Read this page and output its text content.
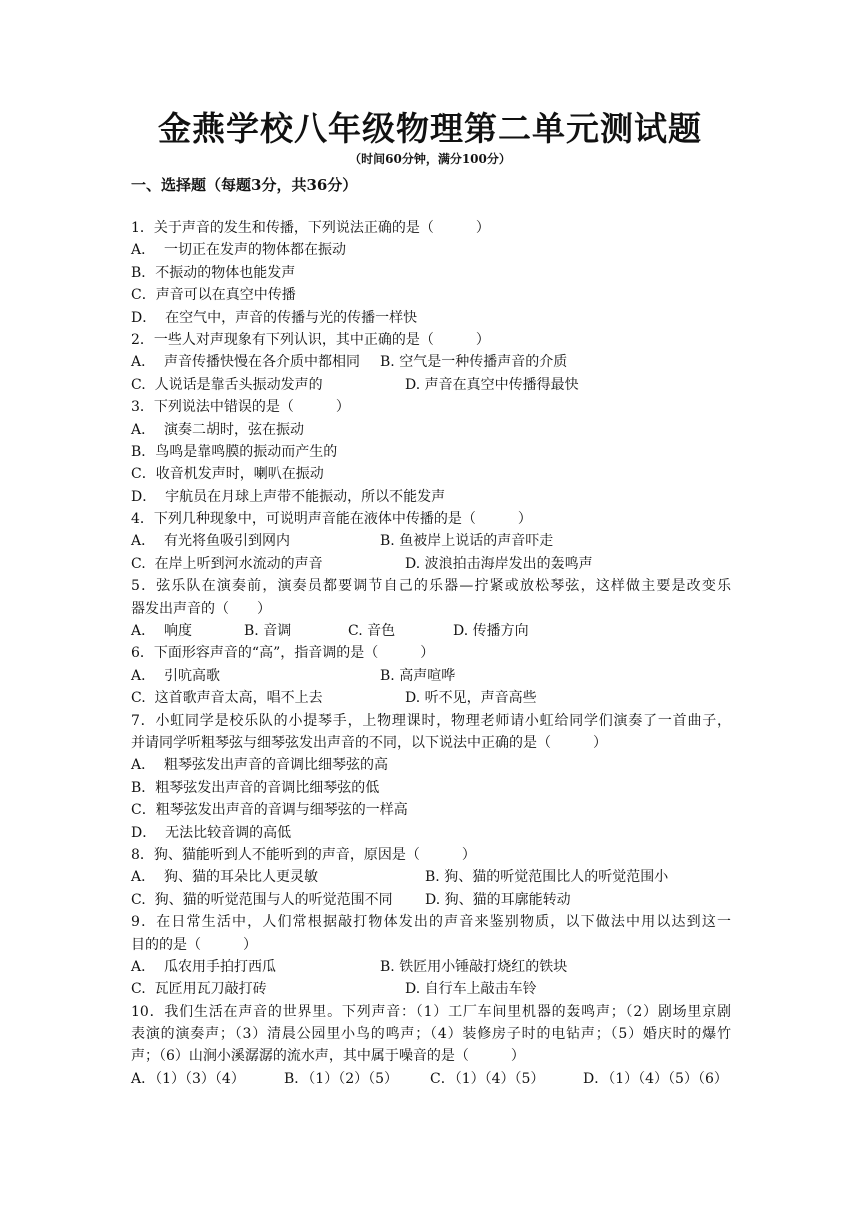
金燕学校八年级物理第二单元测试题
（时间60分钟，满分100分）
一、选择题（每题3分，共36分）
1．关于声音的发生和传播，下列说法正确的是（　　　）
A．  一切正在发声的物体都在振动
B．不振动的物体也能发声
C．声音可以在真空中传播
D．  在空气中，声音的传播与光的传播一样快
2．一些人对声现象有下列认识，其中正确的是（　　　）
A．  声音传播快慢在各介质中都相同 B. 空气是一种传播声音的介质
C.  人说话是靠舌头振动发声的	D. 声音在真空中传播得最快
3．下列说法中错误的是（　　　）
A．  演奏二胡时，弦在振动
B．鸟鸣是靠鸣膜的振动而产生的
C．收音机发声时，喇叭在振动
D．  宇航员在月球上声带不能振动，所以不能发声
4．下列几种现象中，可说明声音能在液体中传播的是（　　　）
A．  有光将鱼吸引到网内	B. 鱼被岸上说话的声音吓走
C.  在岸上听到河水流动的声音	D. 波浪拍击海岸发出的轰鸣声
5．弦乐队在演奏前，演奏员都要调节自己的乐器—拧紧或放松琴弦，这样做主要是改变乐
器发出声音的（　　）
A．  响度	B. 音调	C. 音色	D. 传播方向
6．下面形容声音的“高”，指音调的是（　　　）
A．  引吭高歌	B. 高声喧哗
C.  这首歌声音太高，唱不上去	D. 听不见，声音高些
7．小虹同学是校乐队的小提琴手，上物理课时，物理老师请小虹给同学们演奏了一首曲子，
并请同学听粗琴弦与细琴弦发出声音的不同，以下说法中正确的是（　　　）
A．  粗琴弦发出声音的音调比细琴弦的高
B．粗琴弦发出声音的音调比细琴弦的低
C．粗琴弦发出声音的音调与细琴弦的一样高
D．  无法比较音调的高低
8．狗、猫能听到人不能听到的声音，原因是（　　　）
A．  狗、猫的耳朵比人更灵敏	B. 狗、猫的听觉范围比人的听觉范围小
C.  狗、猫的听觉范围与人的听觉范围不同 D. 狗、猫的耳廓能转动
9．在日常生活中，人们常根据敲打物体发出的声音来鉴别物质，以下做法中用以达到这一
目的的是（　　　）
A．  瓜农用手拍打西瓜	B. 铁匠用小锤敲打烧红的铁块
C.  瓦匠用瓦刀敲打砖	D. 自行车上敲击车铃
10．我们生活在声音的世界里。下列声音：（1）工厂车间里机器的轰鸣声；（2）剧场里京剧
表演的演奏声；（3）清晨公园里小鸟的鸣声；（4）装修房子时的电钻声；（5）婚庆时的爆竹
声；（6）山涧小溪潺潺的流水声，其中属于噪音的是（　　　）
A．（1）（3）（4）	B．（1）（2）（5） C．（1）（4）（5）	D．（1）（4）（5）（6）
